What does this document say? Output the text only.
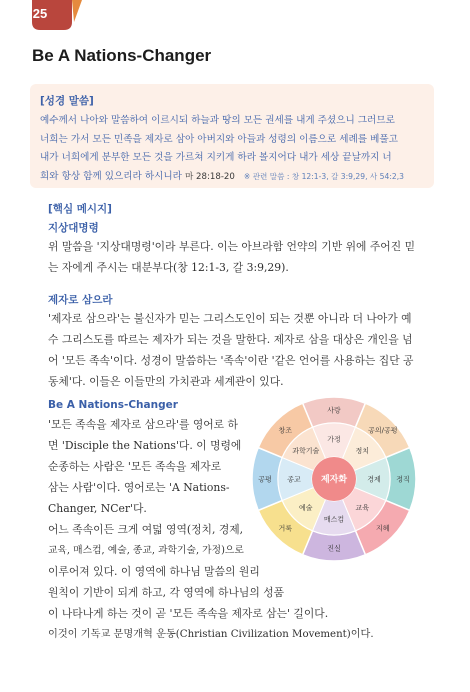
25
Be A Nations-Changer
[성경 말씀]
예수께서 나아와 말씀하여 이르시되 하늘과 땅의 모든 권세를 내게 주셨으니 그러므로
너희는 가서 모든 민족을 제자로 삼아 아버지와 아들과 성령의 이름으로 세례를 베풀고
내가 너희에게 분부한 모든 것을 가르쳐 지키게 하라 볼지어다 내가 세상 끝날까지 너
희와 항상 함께 있으리라 하시니라 마 28:18-20 ※ 관련 말씀 : 창 12:1-3, 갈 3:9,29, 사 54:2,3
[핵심 메시지]
지상대명령
위 말씀을 '지상대명령'이라 부른다. 이는 아브라함 언약의 기반 위에 주어진 믿
는 자에게 주시는 대분부다(창 12:1-3, 갈 3:9,29).
제자로 삼으라
'제자로 삼으라'는 불신자가 믿는 그리스도인이 되는 것뿐 아니라 더 나아가 예
수 그리스도를 따르는 제자가 되는 것을 말한다. 제자로 삼을 대상은 개인을 넘
어 '모든 족속'이다. 성경이 말씀하는 '족속'이란 '같은 언어를 사용하는 집단 공
동체'다. 이들은 이들만의 가치관과 세계관이 있다.
Be A Nations-Changer
'모든 족속을 제자로 삼으라'를 영어로 하
면 'Disciple the Nations'다. 이 명령에
순종하는 사람은 '모든 족속을 제자로
삼는 사람'이다. 영어로는 'A Nations-
Changer, NCer'다.
어느 족속이든 크게 여덟 영역(정치, 경제,
교육, 매스컴, 예술, 종교, 과학기술, 가정)으로
이루어져 있다. 이 영역에 하나님 말씀의 원리
원칙이 기반이 되게 하고, 각 영역에 하나님의 성품
이 나타나게 하는 것이 곧 '모든 족속을 제자로 삼는' 길이다.
이것이 기독교 문명개혁 운동(Christian Civilization Movement)이다.
사랑
가정
공의/공평
정치
정직
경제
지혜
교육
진실
매스컴
거룩
예술
공평 종교
창조
과학기술
제자화
